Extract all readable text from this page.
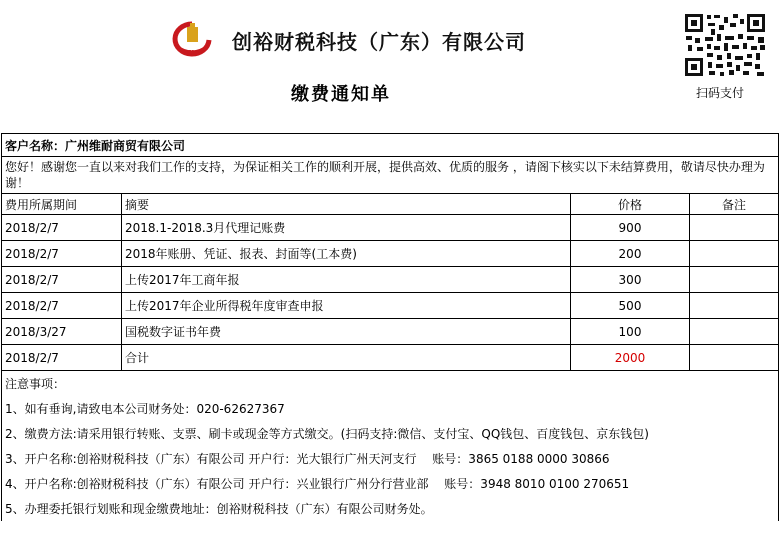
CY 创裕财税科技（广东）有限公司
缴费通知单	扫码支付
客户名称：广州维耐商贸有限公司			
您好！感谢您一直以来对我们工作的支持，为保证相关工作的顺利开展，提供高效、优质的服务 ，请阁下核实以下未结算费用，敬请尽快办理为谢！			
费用所属期间	摘要	价格	备注
2018/2/7	2018.1-2018.3月代理记账费	900	
2018/2/7	2018年账册、凭证、报表、封面等(工本费)	200	
2018/2/7	上传2017年工商年报	300	
2018/2/7	上传2017年企业所得税年度审查申报	500	
2018/3/27	国税数字证书年费	100	
2018/2/7	合计	2000	
注意事项：			
1、如有垂询,请致电本公司财务处：020-62627367			
2、缴费方法:请采用银行转账、支票、刷卡或现金等方式缴交。(扫码支持:微信、支付宝、QQ钱包、百度钱包、京东钱包)			
3、开户名称:创裕财税科技（广东）有限公司 开户行：光大银行广州天河支行　 账号：3865 0188 0000 30866			
4、开户名称:创裕财税科技（广东）有限公司 开户行：兴业银行广州分行营业部　 账号：3948 8010 0100 270651			
5、办理委托银行划账和现金缴费地址：创裕财税科技（广东）有限公司财务处。			
